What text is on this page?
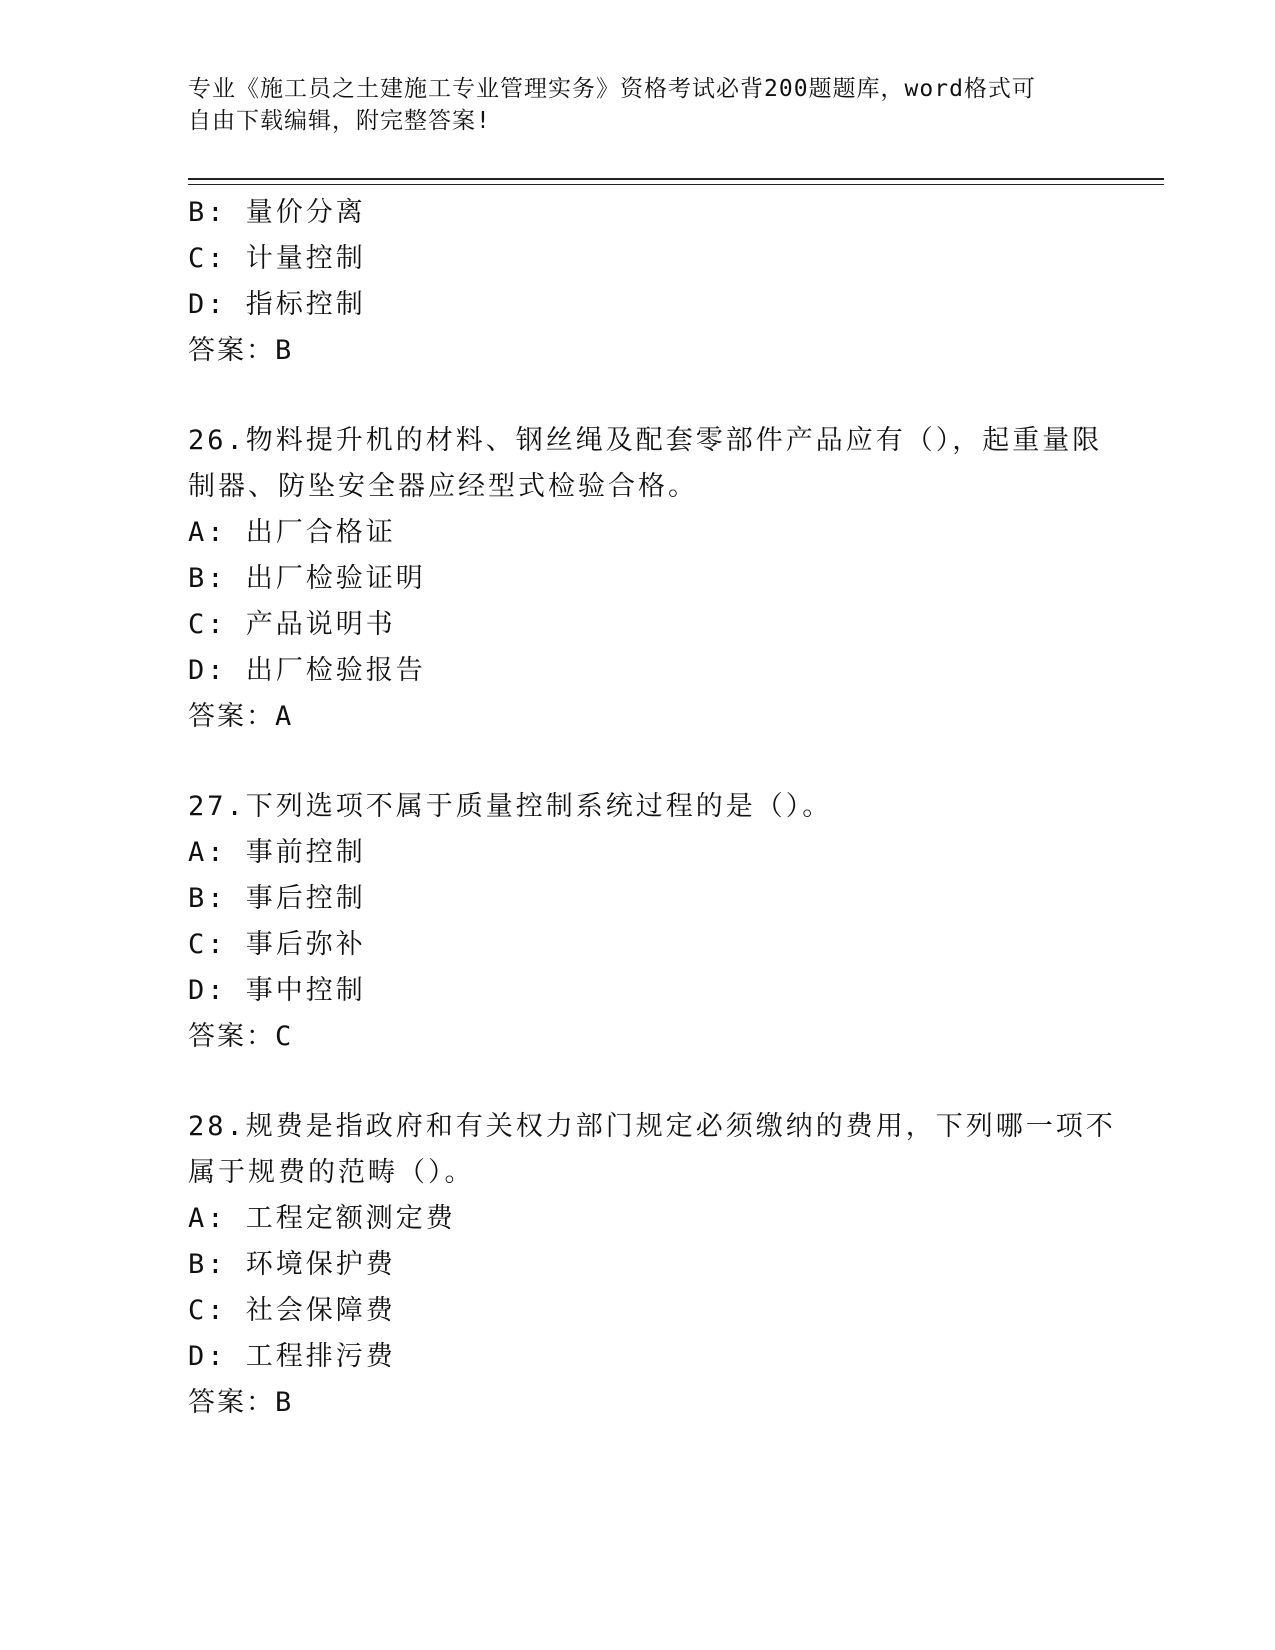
专业《施工员之土建施工专业管理实务》资格考试必背200题题库，word格式可
自由下载编辑，附完整答案!
B: 量价分离
C: 计量控制
D: 指标控制
答案：B
26.物料提升机的材料、钢丝绳及配套零部件产品应有（），起重量限
制器、防坠安全器应经型式检验合格。
A: 出厂合格证
B: 出厂检验证明
C: 产品说明书
D: 出厂检验报告
答案：A
27.下列选项不属于质量控制系统过程的是（）。
A: 事前控制
B: 事后控制
C: 事后弥补
D: 事中控制
答案：C
28.规费是指政府和有关权力部门规定必须缴纳的费用，下列哪一项不
属于规费的范畴（）。
A: 工程定额测定费
B: 环境保护费
C: 社会保障费
D: 工程排污费
答案：B
